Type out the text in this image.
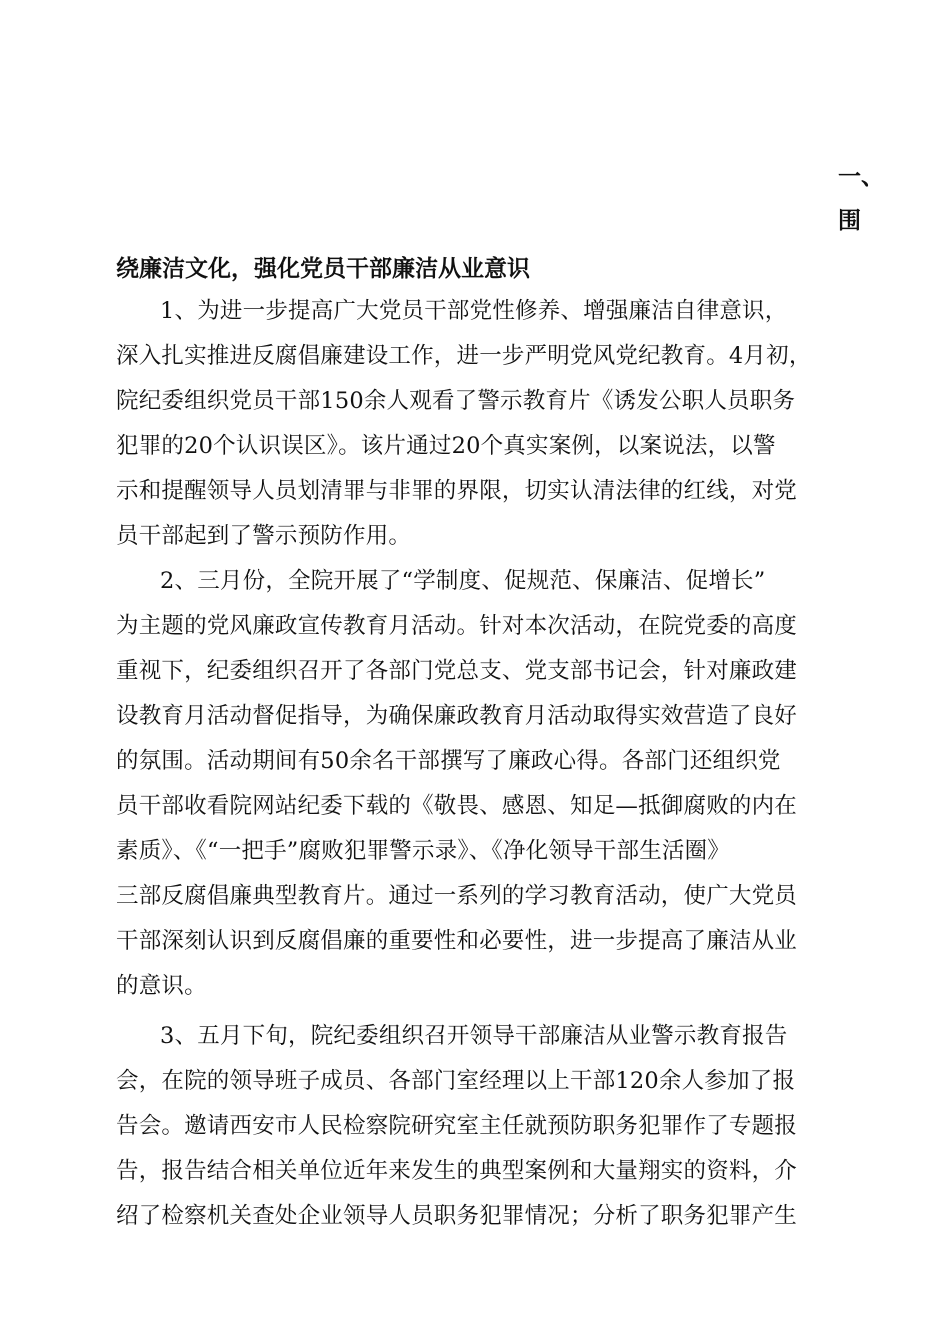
一、
围
绕廉洁文化，强化党员干部廉洁从业意识
1、为进一步提高广大党员干部党性修养、增强廉洁自律意识，
深入扎实推进反腐倡廉建设工作，进一步严明党风党纪教育。4月初，
院纪委组织党员干部150余人观看了警示教育片《诱发公职人员职务
犯罪的20个认识误区》。该片通过20个真实案例，以案说法，以警
示和提醒领导人员划清罪与非罪的界限，切实认清法律的红线，对党
员干部起到了警示预防作用。
2、三月份，全院开展了“学制度、促规范、保廉洁、促增长”
为主题的党风廉政宣传教育月活动。针对本次活动，在院党委的高度
重视下，纪委组织召开了各部门党总支、党支部书记会，针对廉政建
设教育月活动督促指导，为确保廉政教育月活动取得实效营造了良好
的氛围。活动期间有50余名干部撰写了廉政心得。各部门还组织党
员干部收看院网站纪委下载的《敬畏、感恩、知足—抵御腐败的内在
素质》、《“一把手”腐败犯罪警示录》、《净化领导干部生活圈》
三部反腐倡廉典型教育片。通过一系列的学习教育活动，使广大党员
干部深刻认识到反腐倡廉的重要性和必要性，进一步提高了廉洁从业
的意识。
3、五月下旬，院纪委组织召开领导干部廉洁从业警示教育报告
会，在院的领导班子成员、各部门室经理以上干部120余人参加了报
告会。邀请西安市人民检察院研究室主任就预防职务犯罪作了专题报
告，报告结合相关单位近年来发生的典型案例和大量翔实的资料，介
绍了检察机关查处企业领导人员职务犯罪情况；分析了职务犯罪产生
